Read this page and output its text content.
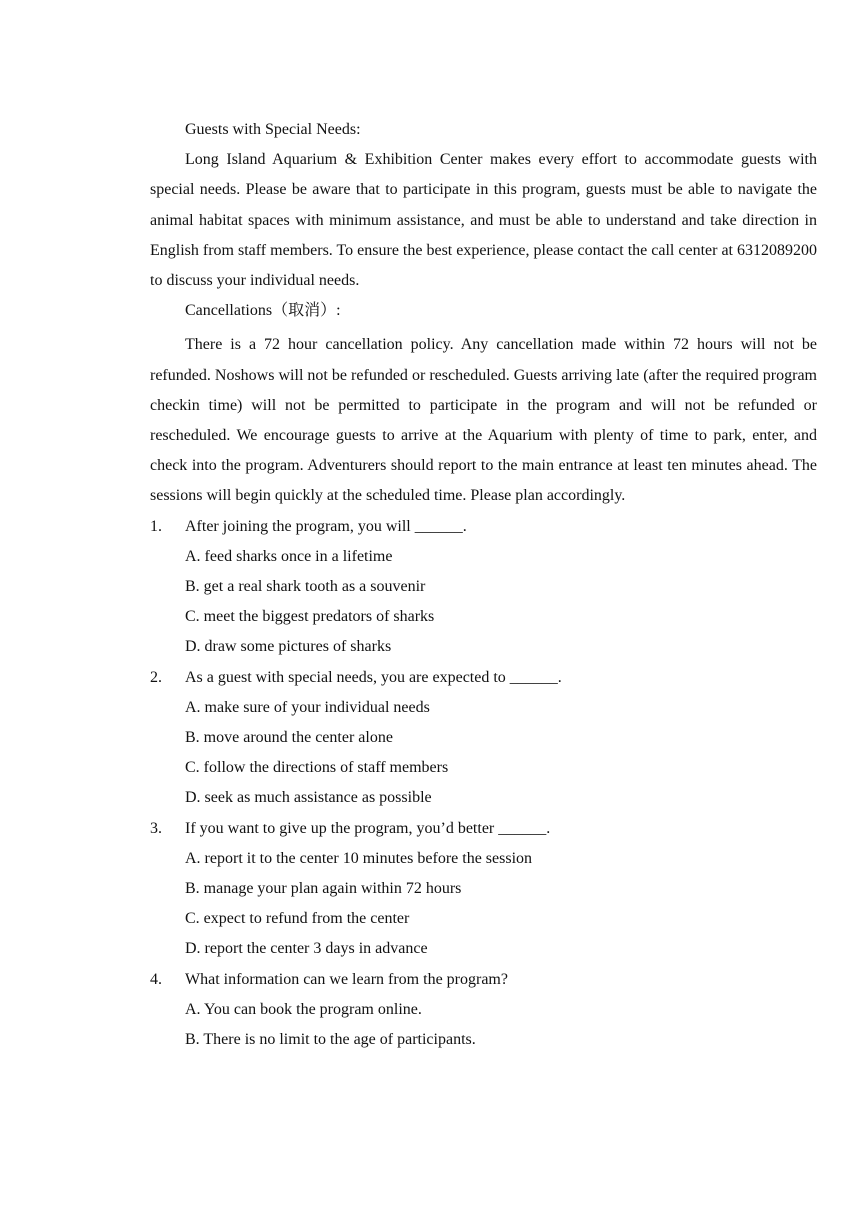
Guests with Special Needs:

Long Island Aquarium & Exhibition Center makes every effort to accommodate guests with special needs. Please be aware that to participate in this program, guests must be able to navigate the animal habitat spaces with minimum assistance, and must be able to understand and take direction in English from staff members. To ensure the best experience, please contact the call center at 6312089200 to discuss your individual needs.

Cancellations（取消）:

There is a 72 hour cancellation policy. Any cancellation made within 72 hours will not be refunded. Noshows will not be refunded or rescheduled. Guests arriving late (after the required program checkin time) will not be permitted to participate in the program and will not be refunded or rescheduled. We encourage guests to arrive at the Aquarium with plenty of time to park, enter, and check into the program. Adventurers should report to the main entrance at least ten minutes ahead. The sessions will begin quickly at the scheduled time. Please plan accordingly.

1.	After joining the program, you will ______.

A. feed sharks once in a lifetime

B. get a real shark tooth as a souvenir

C. meet the biggest predators of sharks

D. draw some pictures of sharks

2.	As a guest with special needs, you are expected to ______.

A. make sure of your individual needs

B. move around the center alone

C. follow the directions of staff members

D. seek as much assistance as possible

3.	If you want to give up the program, you’d better ______.

A. report it to the center 10 minutes before the session

B. manage your plan again within 72 hours

C. expect to refund from the center

D. report the center 3 days in advance

4.	What information can we learn from the program?

A. You can book the program online.

B. There is no limit to the age of participants.
